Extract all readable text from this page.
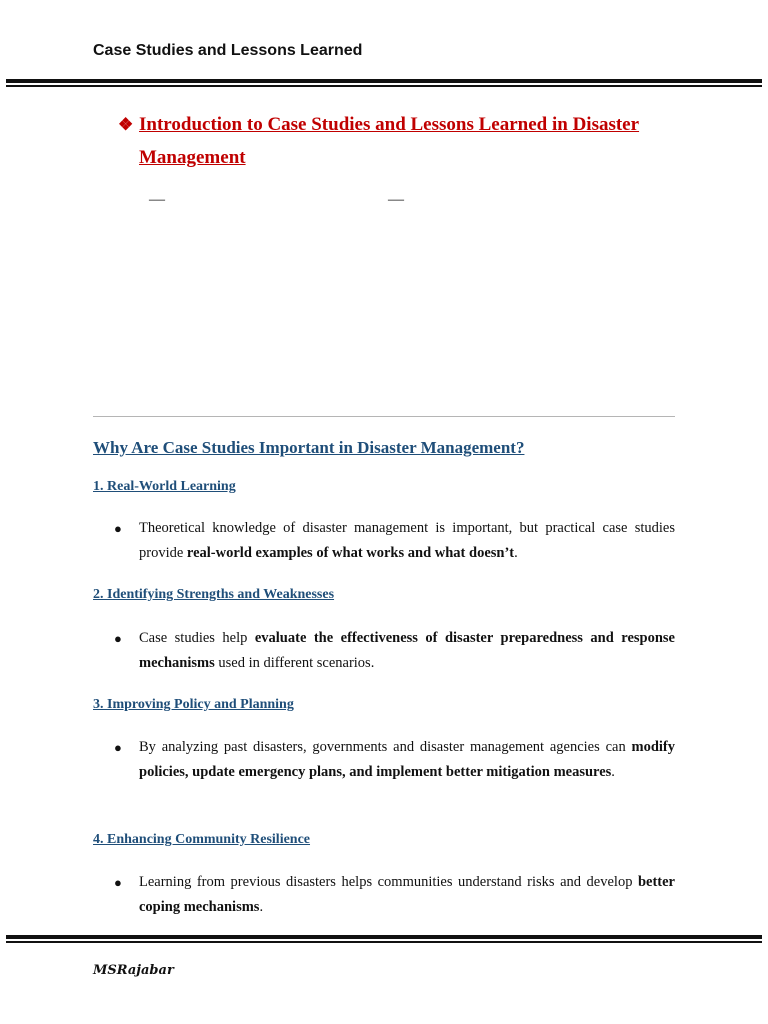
Case Studies and Lessons Learned
❖ Introduction to Case Studies and Lessons Learned in Disaster Management
—	—
Why Are Case Studies Important in Disaster Management?
1. Real-World Learning
● Theoretical knowledge of disaster management is important, but practical case studies provide real-world examples of what works and what doesn’t.
2. Identifying Strengths and Weaknesses
● Case studies help evaluate the effectiveness of disaster preparedness and response mechanisms used in different scenarios.
3. Improving Policy and Planning
● By analyzing past disasters, governments and disaster management agencies can modify policies, update emergency plans, and implement better mitigation measures.
4. Enhancing Community Resilience
● Learning from previous disasters helps communities understand risks and develop better coping mechanisms.
MSRajabar
